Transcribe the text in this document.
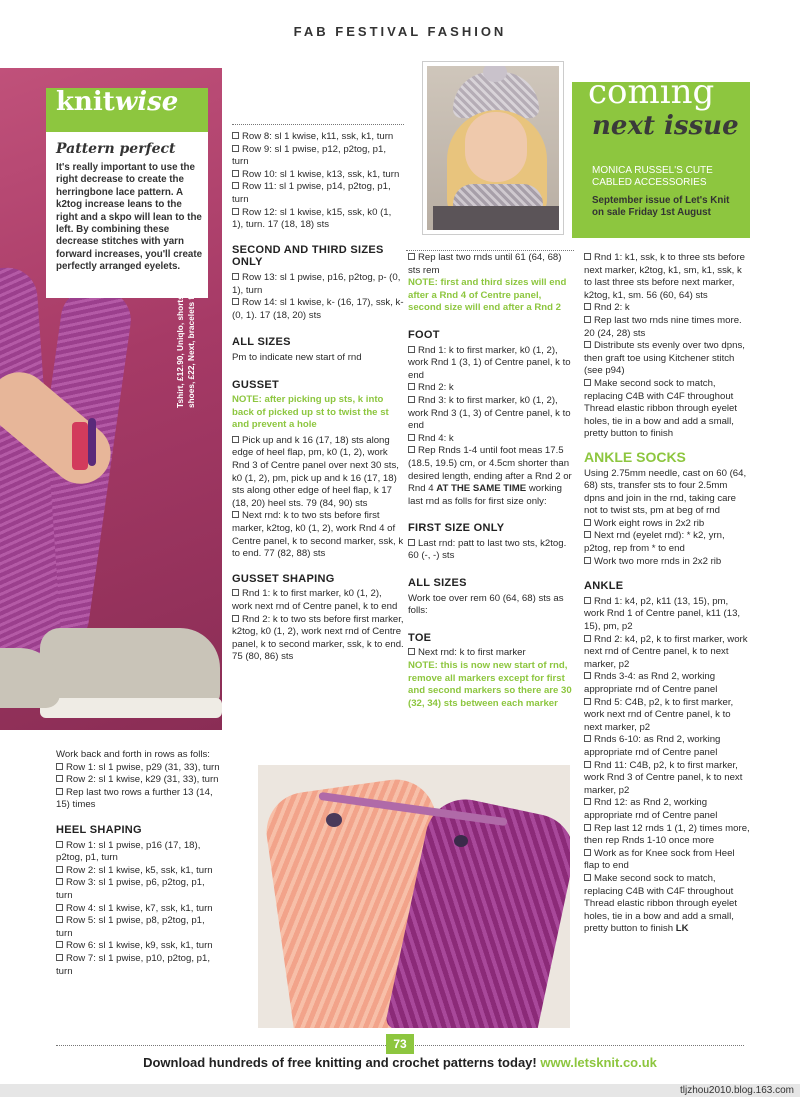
FAB FESTIVAL FASHION
knitwise
Pattern perfect
It's really important to use the right decrease to create the herringbone lace pattern. A k2tog increase leans to the right and a skpo will lean to the left. By combining these decrease stitches with yarn forward increases, you'll create perfectly arranged eyelets.

Work back and forth in rows as folls:

Row 1: sl 1 pwise, p29 (31, 33), turn

Row 2: sl 1 kwise, k29 (31, 33), turn

Rep last two rows a further 13 (14, 15) times

HEEL SHAPING

Row 1: sl 1 pwise, p16 (17, 18), p2tog, p1, turn

Row 2: sl 1 kwise, k5, ssk, k1, turn

Row 3: sl 1 pwise, p6, p2tog, p1, turn

Row 4: sl 1 kwise, k7, ssk, k1, turn

Row 5: sl 1 pwise, p8, p2tog, p1, turn

Row 6: sl 1 kwise, k9, ssk, k1, turn

Row 7: sl 1 pwise, p10, p2tog, p1, turn

Row 8: sl 1 kwise, k11, ssk, k1, turn

Row 9: sl 1 pwise, p12, p2tog, p1, turn

Row 10: sl 1 kwise, k13, ssk, k1, turn

Row 11: sl 1 pwise, p14, p2tog, p1, turn

Row 12: sl 1 kwise, k15, ssk, k0 (1, 1), turn. 17 (18, 18) sts

SECOND AND THIRD SIZES ONLY

Row 13: sl 1 pwise, p16, p2tog, p- (0, 1), turn

Row 14: sl 1 kwise, k- (16, 17), ssk, k- (0, 1). 17 (18, 20) sts

ALL SIZES

Pm to indicate new start of rnd

GUSSET

NOTE: after picking up sts, k into back of picked up st to twist the st and prevent a hole

Pick up and k 16 (17, 18) sts along edge of heel flap, pm, k0 (1, 2), work Rnd 3 of Centre panel over next 30 sts, k0 (1, 2), pm, pick up and k 16 (17, 18) sts along other edge of heel flap, k 17 (18, 20) heel sts. 79 (84, 90) sts

Next rnd: k to two sts before first marker, k2tog, k0 (1, 2), work Rnd 4 of Centre panel, k to second marker, ssk, k to end. 77 (82, 88) sts

GUSSET SHAPING

Rnd 1: k to first marker, k0 (1, 2), work next rnd of Centre panel, k to end

Rnd 2: k to two sts before first marker, k2tog, k0 (1, 2), work next rnd of Centre panel, k to second marker, ssk, k to end. 75 (80, 86) sts

coming
next issue
MONICA RUSSEL'S CUTE CABLED ACCESSORIES
September issue of Let's Knit on sale Friday 1st August

Rep last two rnds until 61 (64, 68) sts rem

NOTE: first and third sizes will end after a Rnd 4 of Centre panel, second size will end after a Rnd 2

FOOT

Rnd 1: k to first marker, k0 (1, 2), work Rnd 1 (3, 1) of Centre panel, k to end

Rnd 2: k

Rnd 3: k to first marker, k0 (1, 2), work Rnd 3 (1, 3) of Centre panel, k to end

Rnd 4: k

Rep Rnds 1-4 until foot meas 17.5 (18.5, 19.5) cm, or 4.5cm shorter than desired length, ending after a Rnd 2 or Rnd 4 AT THE SAME TIME working last rnd as folls for first size only:

FIRST SIZE ONLY

Last rnd: patt to last two sts, k2tog. 60 (-, -) sts

ALL SIZES

Work toe over rem 60 (64, 68) sts as folls:

TOE

Next rnd: k to first marker

NOTE: this is now new start of rnd, remove all markers except for first and second markers so there are 30 (32, 34) sts between each marker

Rnd 1: k1, ssk, k to three sts before next marker, k2tog, k1, sm, k1, ssk, k to last three sts before next marker, k2tog, k1, sm. 56 (60, 64) sts

Rnd 2: k

Rep last two rnds nine times more. 20 (24, 28) sts

Distribute sts evenly over two dpns, then graft toe using Kitchener stitch (see p94)

Make second sock to match, replacing C4B with C4F throughout

Thread elastic ribbon through eyelet holes, tie in a bow and add a small, pretty button to finish

ANKLE SOCKS

Using 2.75mm needle, cast on 60 (64, 68) sts, transfer sts to four 2.5mm dpns and join in the rnd, taking care not to twist sts, pm at beg of rnd

Work eight rows in 2x2 rib

Next rnd (eyelet rnd): * k2, yrn, p2tog, rep from * to end

Work two more rnds in 2x2 rib

ANKLE

Rnd 1: k4, p2, k11 (13, 15), pm, work Rnd 1 of Centre panel, k11 (13, 15), pm, p2

Rnd 2: k4, p2, k to first marker, work next rnd of Centre panel, k to next marker, p2

Rnds 3-4: as Rnd 2, working appropriate rnd of Centre panel

Rnd 5: C4B, p2, k to first marker, work next rnd of Centre panel, k to next marker, p2

Rnds 6-10: as Rnd 2, working appropriate rnd of Centre panel

Rnd 11: C4B, p2, k to first marker, work Rnd 3 of Centre panel, k to next marker, p2

Rnd 12: as Rnd 2, working appropriate rnd of Centre panel

Rep last 12 rnds 1 (1, 2) times more, then rep Rnds 1-10 once more

Work as for Knee sock from Heel flap to end

Make second sock to match, replacing C4B with C4F throughout

Thread elastic ribbon through eyelet holes, tie in a bow and add a small, pretty button to finish LK

73
Download hundreds of free knitting and crochet patterns today! www.letsknit.co.uk
tljzhou2010.blog.163.com
